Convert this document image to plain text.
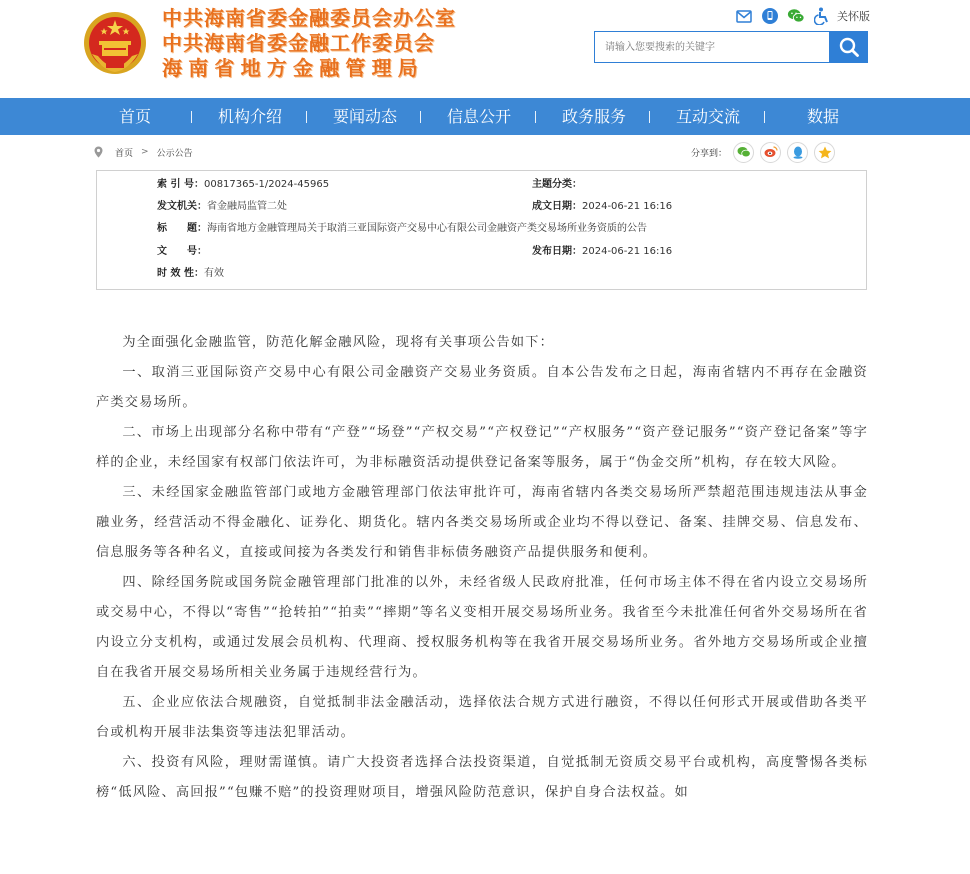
中共海南省委金融委员会办公室
中共海南省委金融工作委员会
海南省地方金融管理局
关怀版
请输入您要搜索的关键字
首页	机构介绍	要闻动态	信息公开	政务服务	互动交流	数据
首页 > 公示公告	分享到：
索 引 号：00817365-1/2024-45965	主题分类：
发文机关：省金融局监管二处	成文日期：2024-06-21 16:16
标　　题：海南省地方金融管理局关于取消三亚国际资产交易中心有限公司金融资产类交易场所业务资质的公告
文　　号：	发布日期：2024-06-21 16:16
时 效 性：有效

为全面强化金融监管，防范化解金融风险，现将有关事项公告如下：

一、取消三亚国际资产交易中心有限公司金融资产交易业务资质。自本公告发布之日起，海南省辖内不再存在金融资产类交易场所。

二、市场上出现部分名称中带有“产登”“场登”“产权交易”“产权登记”“产权服务”“资产登记服务”“资产登记备案”等字样的企业，未经国家有权部门依法许可，为非标融资活动提供登记备案等服务，属于“伪金交所”机构，存在较大风险。

三、未经国家金融监管部门或地方金融管理部门依法审批许可，海南省辖内各类交易场所严禁超范围违规违法从事金融业务，经营活动不得金融化、证券化、期货化。辖内各类交易场所或企业均不得以登记、备案、挂牌交易、信息发布、信息服务等各种名义，直接或间接为各类发行和销售非标债务融资产品提供服务和便利。

四、除经国务院或国务院金融管理部门批准的以外，未经省级人民政府批准，任何市场主体不得在省内设立交易场所或交易中心，不得以“寄售”“抢转拍”“拍卖”“摔期”等名义变相开展交易场所业务。我省至今未批准任何省外交易场所在省内设立分支机构，或通过发展会员机构、代理商、授权服务机构等在我省开展交易场所业务。省外地方交易场所或企业擅自在我省开展交易场所相关业务属于违规经营行为。

五、企业应依法合规融资，自觉抵制非法金融活动，选择依法合规方式进行融资，不得以任何形式开展或借助各类平台或机构开展非法集资等违法犯罪活动。

六、投资有风险，理财需谨慎。请广大投资者选择合法投资渠道，自觉抵制无资质交易平台或机构，高度警惕各类标榜“低风险、高回报”“包赚不赔”的投资理财项目，增强风险防范意识，保护自身合法权益。如
